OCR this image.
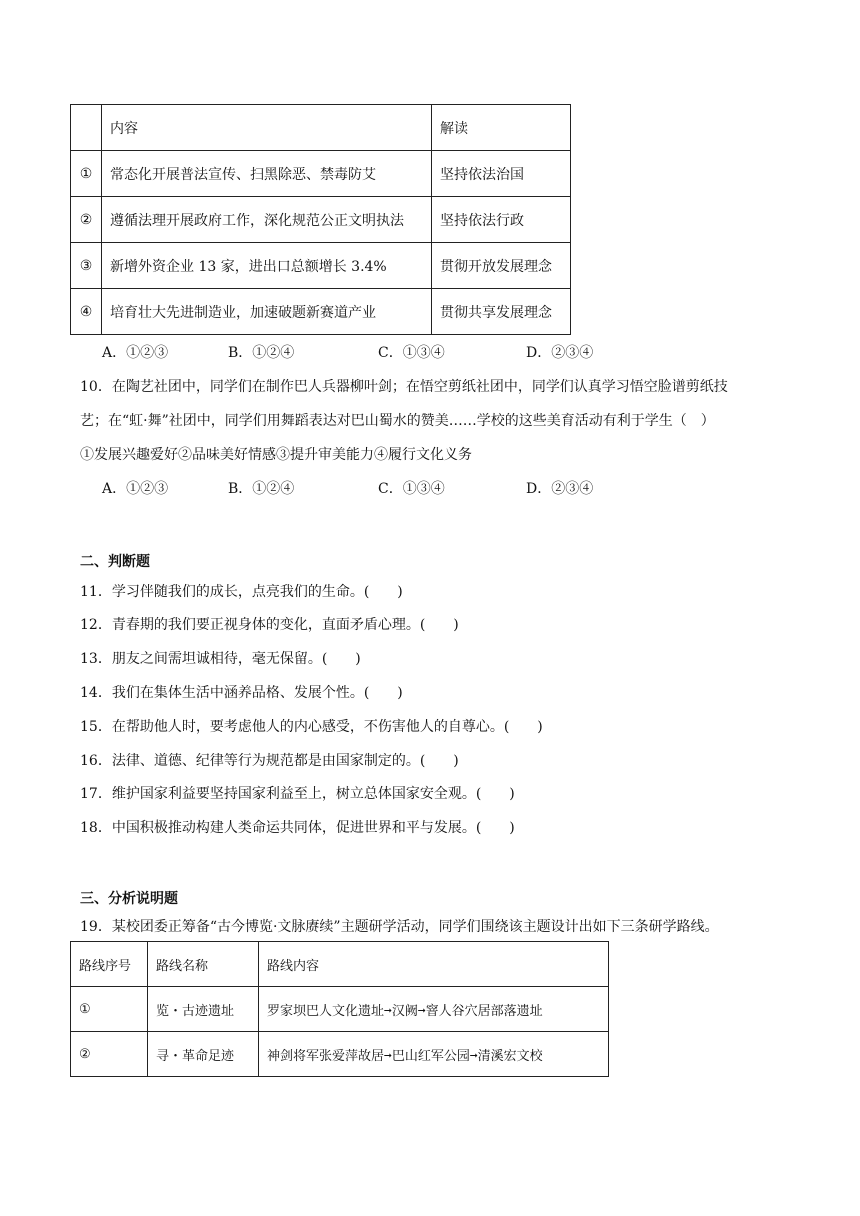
	内容	解读
①	常态化开展普法宣传、扫黑除恶、禁毒防艾	坚持依法治国
②	遵循法理开展政府工作，深化规范公正文明执法	坚持依法行政
③	新增外资企业 13 家，进出口总额增长 3.4%	贯彻开放发展理念
④	培育壮大先进制造业，加速破题新赛道产业	贯彻共享发展理念
A．①②③	B．①②④	C．①③④	D．②③④
10．在陶艺社团中，同学们在制作巴人兵器柳叶剑；在悟空剪纸社团中，同学们认真学习悟空脸谱剪纸技
艺；在“虹·舞”社团中，同学们用舞蹈表达对巴山蜀水的赞美……学校的这些美育活动有利于学生（　）
①发展兴趣爱好②品味美好情感③提升审美能力④履行文化义务
A．①②③	B．①②④	C．①③④	D．②③④
二、判断题
11．学习伴随我们的成长，点亮我们的生命。(　　)
12．青春期的我们要正视身体的变化，直面矛盾心理。(　　)
13．朋友之间需坦诚相待，毫无保留。(　　)
14．我们在集体生活中涵养品格、发展个性。(　　)
15．在帮助他人时，要考虑他人的内心感受，不伤害他人的自尊心。(　　)
16．法律、道德、纪律等行为规范都是由国家制定的。(　　)
17．维护国家利益要坚持国家利益至上，树立总体国家安全观。(　　)
18．中国积极推动构建人类命运共同体，促进世界和平与发展。(　　)
三、分析说明题
19．某校团委正筹备“古今博览·文脉赓续”主题研学活动，同学们围绕该主题设计出如下三条研学路线。
路线序号	路线名称	路线内容
①	览・古迹遗址	罗家坝巴人文化遗址➞汉阙➞窨人谷穴居部落遗址
②	寻・革命足迹	神剑将军张爱萍故居➞巴山红军公园➞清溪宏文校
